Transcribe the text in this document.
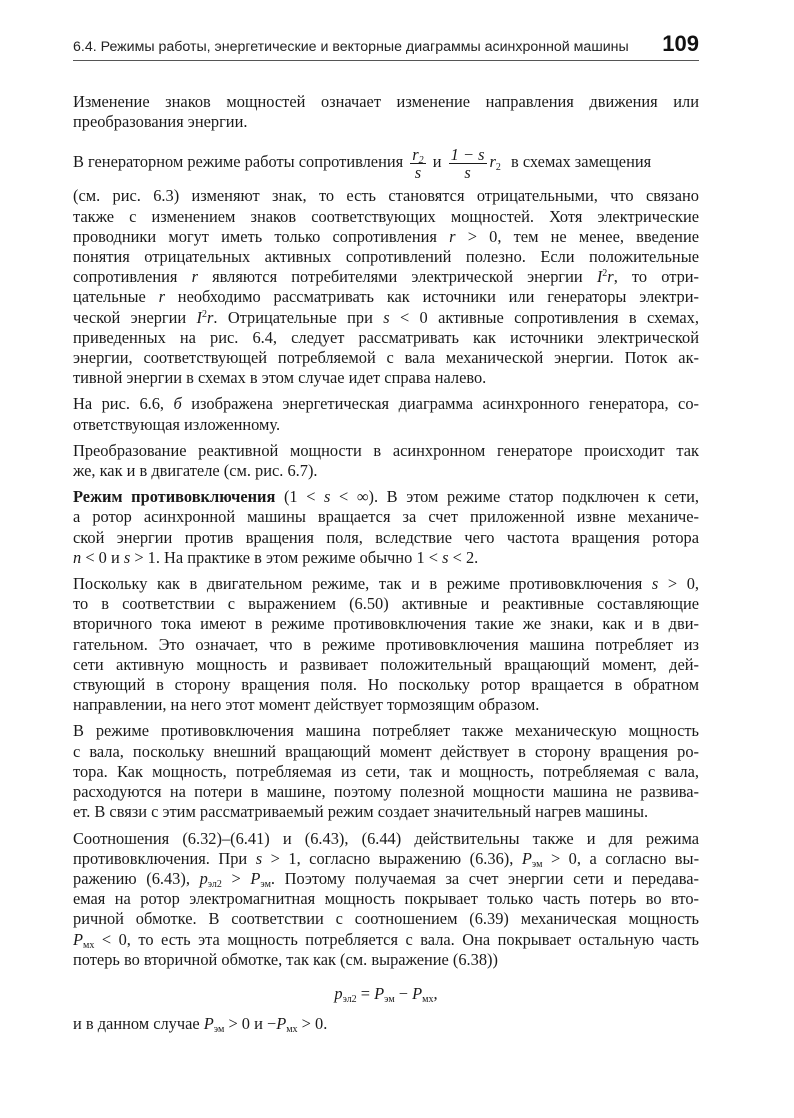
6.4. Режимы работы, энергетические и векторные диаграммы асинхронной машины 109
Изменение знаков мощностей означает изменение направления движения или
преобразования энергии.
В генераторном режиме работы сопротивления $\frac{r_2}{s}$ и $\frac{1 - s}{s} r_2$ в схемах замещения
(см. рис. 6.3) изменяют знак, то есть становятся отрицательными, что связано
также с изменением знаков соответствующих мощностей. Хотя электрические
проводники могут иметь только сопротивления r > 0, тем не менее, введение
понятия отрицательных активных сопротивлений полезно. Если положительные
сопротивления r являются потребителями электрической энергии $I^2r$, то отри-
цательные r необходимо рассматривать как источники или генераторы электри-
ческой энергии $I^2r$. Отрицательные при s < 0 активные сопротивления в схемах,
приведенных на рис. 6.4, следует рассматривать как источники электрической
энергии, соответствующей потребляемой с вала механической энергии. Поток ак-
тивной энергии в схемах в этом случае идет справа налево.
На рис. 6.6, б изображена энергетическая диаграмма асинхронного генератора, со-
ответствующая изложенному.
Преобразование реактивной мощности в асинхронном генераторе происходит так
же, как и в двигателе (см. рис. 6.7).
Режим противовключения (1 < s < ∞). В этом режиме статор подключен к сети,
а ротор асинхронной машины вращается за счет приложенной извне механиче-
ской энергии против вращения поля, вследствие чего частота вращения ротора
n < 0 и s > 1. На практике в этом режиме обычно 1 < s < 2.
Поскольку как в двигательном режиме, так и в режиме противовключения s > 0,
то в соответствии с выражением (6.50) активные и реактивные составляющие
вторичного тока имеют в режиме противовключения такие же знаки, как и в дви-
гательном. Это означает, что в режиме противовключения машина потребляет из
сети активную мощность и развивает положительный вращающий момент, дей-
ствующий в сторону вращения поля. Но поскольку ротор вращается в обратном
направлении, на него этот момент действует тормозящим образом.
В режиме противовключения машина потребляет также механическую мощность
с вала, поскольку внешний вращающий момент действует в сторону вращения ро-
тора. Как мощность, потребляемая из сети, так и мощность, потребляемая с вала,
расходуются на потери в машине, поэтому полезной мощности машина не развива-
ет. В связи с этим рассматриваемый режим создает значительный нагрев машины.
Соотношения (6.32)–(6.41) и (6.43), (6.44) действительны также и для режима
противовключения. При s > 1, согласно выражению (6.36), $P_{эм} > 0$, а согласно вы-
ражению (6.43), $p_{эл2} > P_{эм}$. Поэтому получаемая за счет энергии сети и передава-
емая на ротор электромагнитная мощность покрывает только часть потерь во вто-
ричной обмотке. В соответствии с соотношением (6.39) механическая мощность
$P_{мх} < 0$, то есть эта мощность потребляется с вала. Она покрывает остальную часть
потерь во вторичной обмотке, так как (см. выражение (6.38))
$p_{эл2} = P_{эм} - P_{мх}$,
и в данном случае $P_{эм} > 0$ $и -P_{мх} > 0$.
